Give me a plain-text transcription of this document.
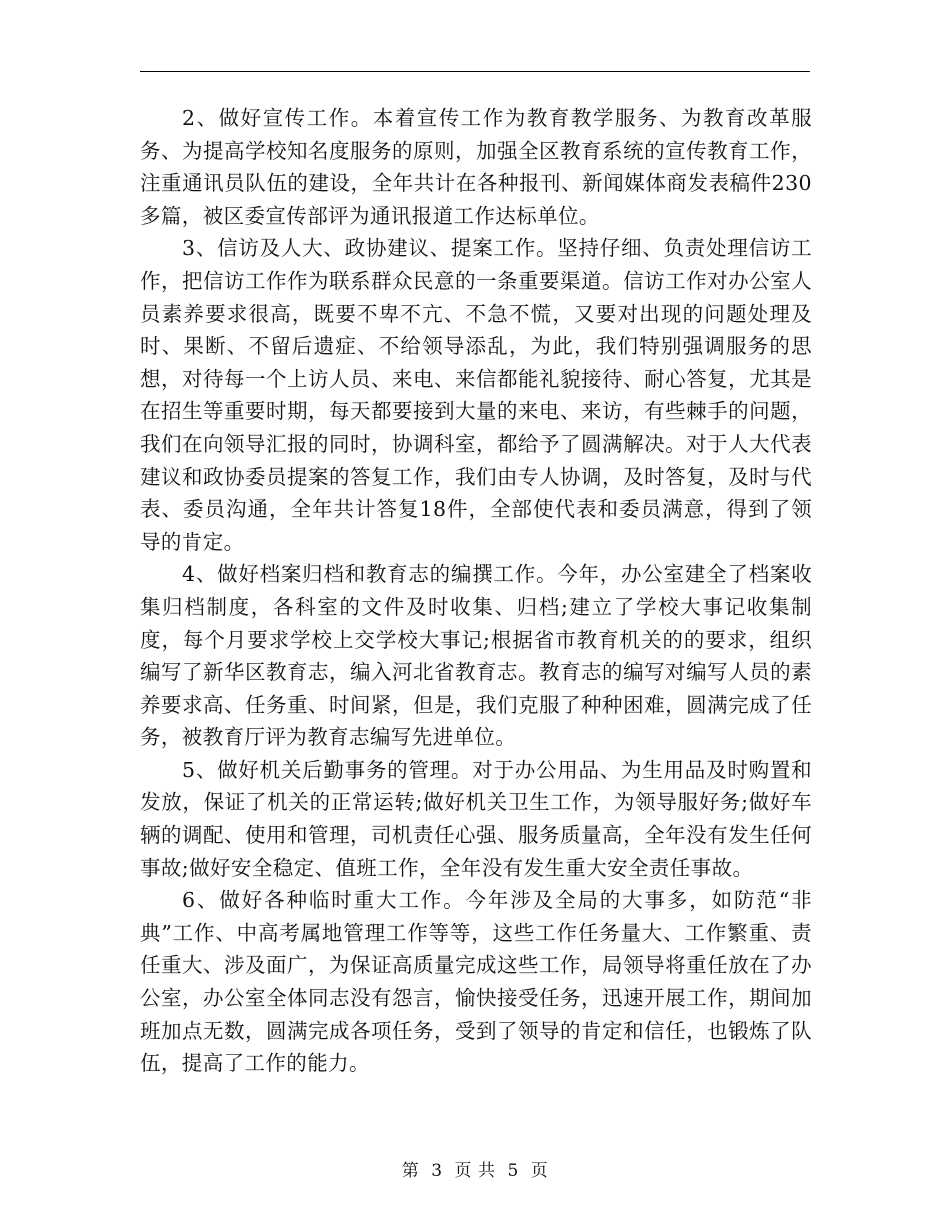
2、做好宣传工作。本着宣传工作为教育教学服务、为教育改革服务、为提高学校知名度服务的原则，加强全区教育系统的宣传教育工作，注重通讯员队伍的建设，全年共计在各种报刊、新闻媒体商发表稿件230多篇，被区委宣传部评为通讯报道工作达标单位。

3、信访及人大、政协建议、提案工作。坚持仔细、负责处理信访工作，把信访工作作为联系群众民意的一条重要渠道。信访工作对办公室人员素养要求很高，既要不卑不亢、不急不慌，又要对出现的问题处理及时、果断、不留后遗症、不给领导添乱，为此，我们特别强调服务的思想，对待每一个上访人员、来电、来信都能礼貌接待、耐心答复，尤其是在招生等重要时期，每天都要接到大量的来电、来访，有些棘手的问题，我们在向领导汇报的同时，协调科室，都给予了圆满解决。对于人大代表建议和政协委员提案的答复工作，我们由专人协调，及时答复，及时与代表、委员沟通，全年共计答复18件，全部使代表和委员满意，得到了领导的肯定。

4、做好档案归档和教育志的编撰工作。今年，办公室建全了档案收集归档制度，各科室的文件及时收集、归档;建立了学校大事记收集制度，每个月要求学校上交学校大事记;根据省市教育机关的的要求，组织编写了新华区教育志，编入河北省教育志。教育志的编写对编写人员的素养要求高、任务重、时间紧，但是，我们克服了种种困难，圆满完成了任务，被教育厅评为教育志编写先进单位。

5、做好机关后勤事务的管理。对于办公用品、为生用品及时购置和发放，保证了机关的正常运转;做好机关卫生工作，为领导服好务;做好车辆的调配、使用和管理，司机责任心强、服务质量高，全年没有发生任何事故;做好安全稳定、值班工作，全年没有发生重大安全责任事故。

6、做好各种临时重大工作。今年涉及全局的大事多，如防范“非典”工作、中高考属地管理工作等等，这些工作任务量大、工作繁重、责任重大、涉及面广，为保证高质量完成这些工作，局领导将重任放在了办公室，办公室全体同志没有怨言，愉快接受任务，迅速开展工作，期间加班加点无数，圆满完成各项任务，受到了领导的肯定和信任，也锻炼了队伍，提高了工作的能力。

第 3 页 共 5 页
